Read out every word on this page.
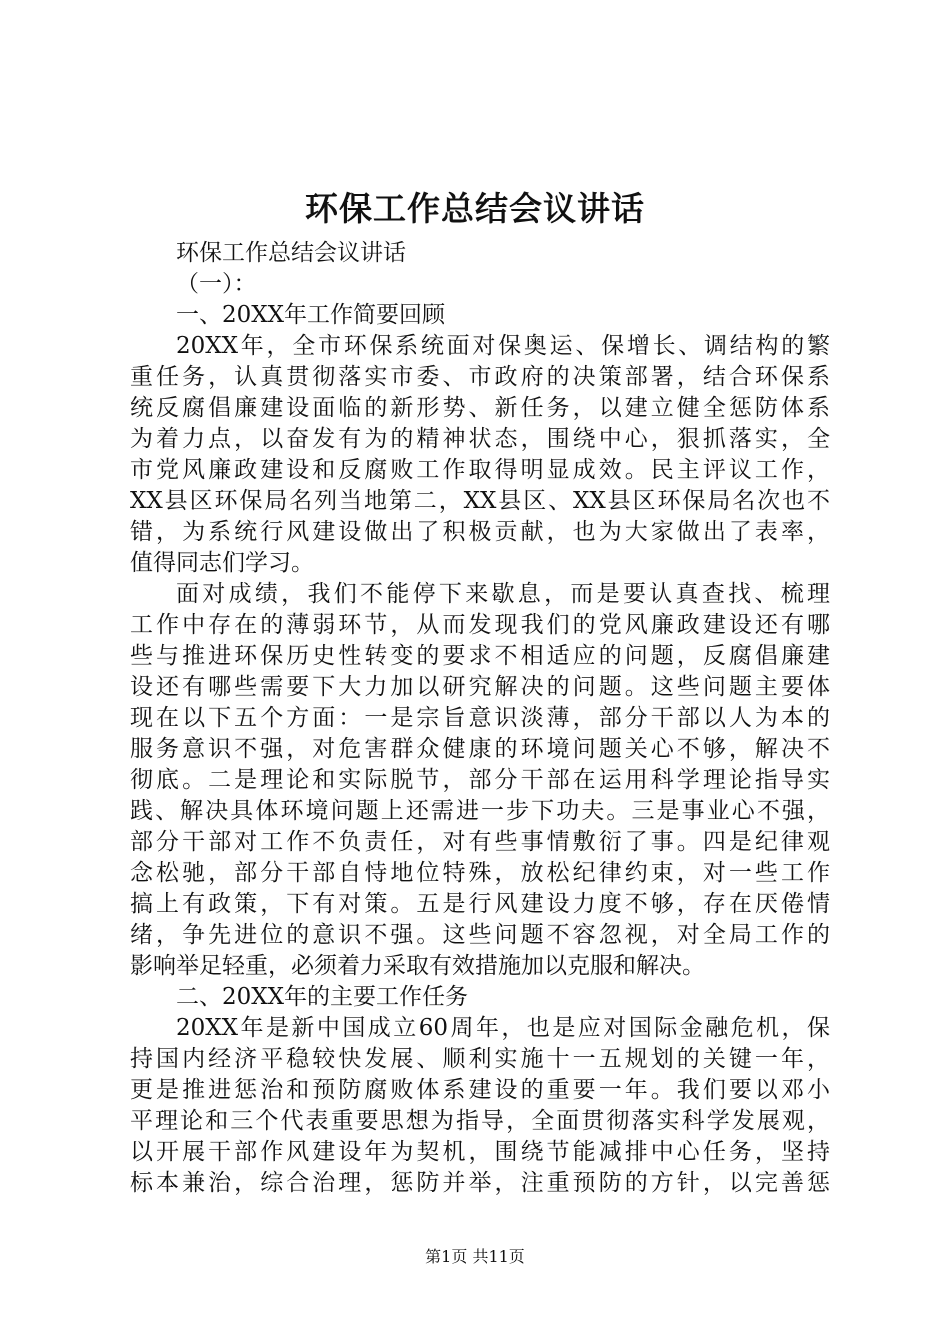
环保工作总结会议讲话
环保工作总结会议讲话
（一）：
一、20XX年工作简要回顾
20XX年，全市环保系统面对保奥运、保增长、调结构的繁
重任务，认真贯彻落实市委、市政府的决策部署，结合环保系
统反腐倡廉建设面临的新形势、新任务，以建立健全惩防体系
为着力点，以奋发有为的精神状态，围绕中心，狠抓落实，全
市党风廉政建设和反腐败工作取得明显成效。民主评议工作，
XX县区环保局名列当地第二，XX县区、XX县区环保局名次也不
错，为系统行风建设做出了积极贡献，也为大家做出了表率，
值得同志们学习。
面对成绩，我们不能停下来歇息，而是要认真查找、梳理
工作中存在的薄弱环节，从而发现我们的党风廉政建设还有哪
些与推进环保历史性转变的要求不相适应的问题，反腐倡廉建
设还有哪些需要下大力加以研究解决的问题。这些问题主要体
现在以下五个方面：一是宗旨意识淡薄，部分干部以人为本的
服务意识不强，对危害群众健康的环境问题关心不够，解决不
彻底。二是理论和实际脱节，部分干部在运用科学理论指导实
践、解决具体环境问题上还需进一步下功夫。三是事业心不强，
部分干部对工作不负责任，对有些事情敷衍了事。四是纪律观
念松驰，部分干部自恃地位特殊，放松纪律约束，对一些工作
搞上有政策，下有对策。五是行风建设力度不够，存在厌倦情
绪，争先进位的意识不强。这些问题不容忽视，对全局工作的
影响举足轻重，必须着力采取有效措施加以克服和解决。
二、20XX年的主要工作任务
20XX年是新中国成立60周年，也是应对国际金融危机，保
持国内经济平稳较快发展、顺利实施十一五规划的关键一年，
更是推进惩治和预防腐败体系建设的重要一年。我们要以邓小
平理论和三个代表重要思想为指导，全面贯彻落实科学发展观，
以开展干部作风建设年为契机，围绕节能减排中心任务，坚持
标本兼治，综合治理，惩防并举，注重预防的方针，以完善惩
第1页 共11页
